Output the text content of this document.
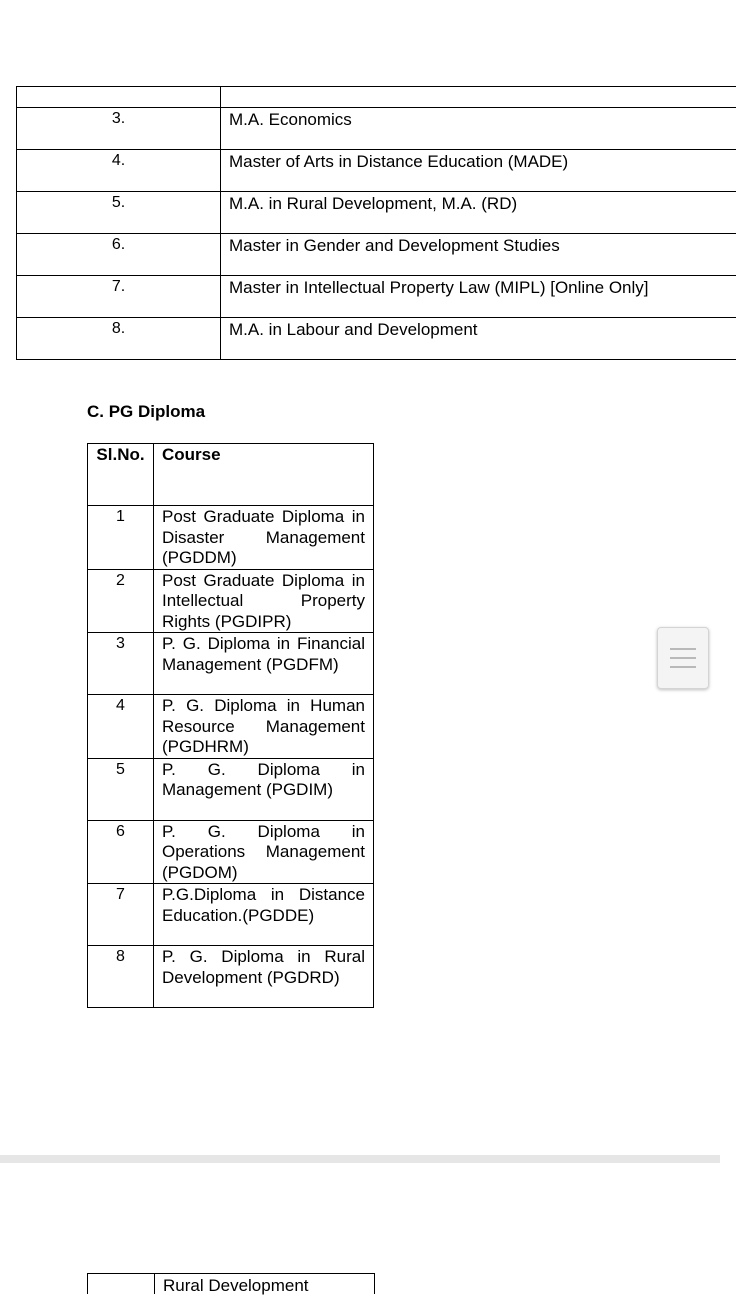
3.	M.A. Economics
4.	Master of Arts in Distance Education (MADE)
5.	M.A. in Rural Development, M.A. (RD)
6.	Master in Gender and Development Studies
7.	Master in Intellectual Property Law (MIPL) [Online Only]
8.	M.A. in Labour and Development
C. PG Diploma
Sl.No.	Course

1	Post Graduate Diploma in Disaster Management (PGDDM)

2	Post Graduate Diploma in Intellectual Property Rights (PGDIPR)

3	P. G. Diploma in Financial Management (PGDFM)

4	P. G. Diploma in Human Resource Management (PGDHRM)

5	P. G. Diploma in Management (PGDIM)

6	P. G. Diploma in Operations Management (PGDOM)

7	P.G.Diploma in Distance Education.(PGDDE)

8	P. G. Diploma in Rural Development (PGDRD)
Rural Development
